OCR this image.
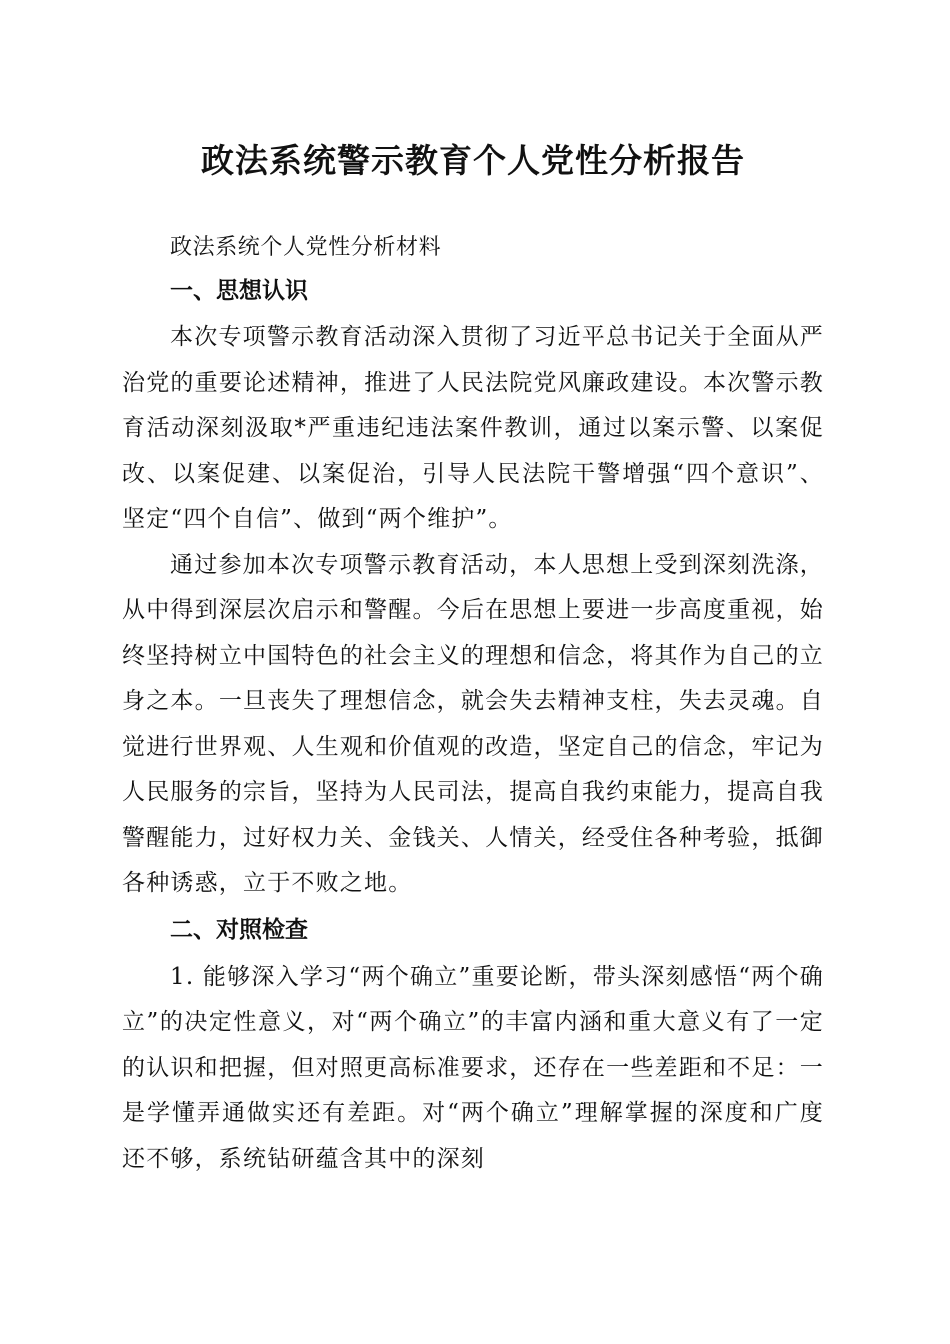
政法系统警示教育个人党性分析报告
政法系统个人党性分析材料
一、思想认识

本次专项警示教育活动深入贯彻了习近平总书记关于全面从严治党的重要论述精神，推进了人民法院党风廉政建设。本次警示教育活动深刻汲取*严重违纪违法案件教训，通过以案示警、以案促改、以案促建、以案促治，引导人民法院干警增强“四个意识”、坚定“四个自信”、做到“两个维护”。

通过参加本次专项警示教育活动，本人思想上受到深刻洗涤，从中得到深层次启示和警醒。今后在思想上要进一步高度重视，始终坚持树立中国特色的社会主义的理想和信念，将其作为自己的立身之本。一旦丧失了理想信念，就会失去精神支柱，失去灵魂。自觉进行世界观、人生观和价值观的改造，坚定自己的信念，牢记为人民服务的宗旨，坚持为人民司法，提高自我约束能力，提高自我警醒能力，过好权力关、金钱关、人情关，经受住各种考验，抵御各种诱惑，立于不败之地。

二、对照检查

1. 能够深入学习“两个确立”重要论断，带头深刻感悟“两个确立”的决定性意义，对“两个确立”的丰富内涵和重大意义有了一定的认识和把握，但对照更高标准要求，还存在一些差距和不足：一是学懂弄通做实还有差距。对“两个确立”理解掌握的深度和广度还不够，系统钻研蕴含其中的深刻
